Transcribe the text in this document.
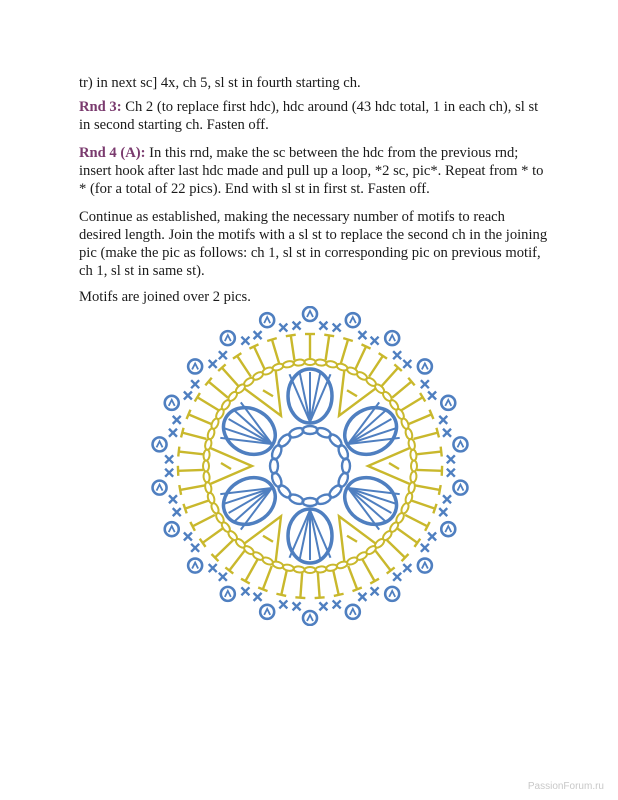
tr) in next sc] 4x, ch 5, sl st in fourth starting ch.

Rnd 3: Ch 2 (to replace first hdc), hdc around (43 hdc total, 1 in each ch), sl st in second starting ch. Fasten off.

Rnd 4 (A): In this rnd, make the sc between the hdc from the previous rnd; insert hook after last hdc made and pull up a loop, *2 sc, pic*. Repeat from * to * (for a total of 22 pics). End with sl st in first st. Fasten off.

Continue as established, making the necessary number of motifs to reach desired length. Join the motifs with a sl st to replace the second ch in the joining pic (make the pic as follows: ch 1, sl st in corresponding pic on previous motif, ch 1, sl st in same st).

Motifs are joined over 2 pics.

PassionForum.ru
